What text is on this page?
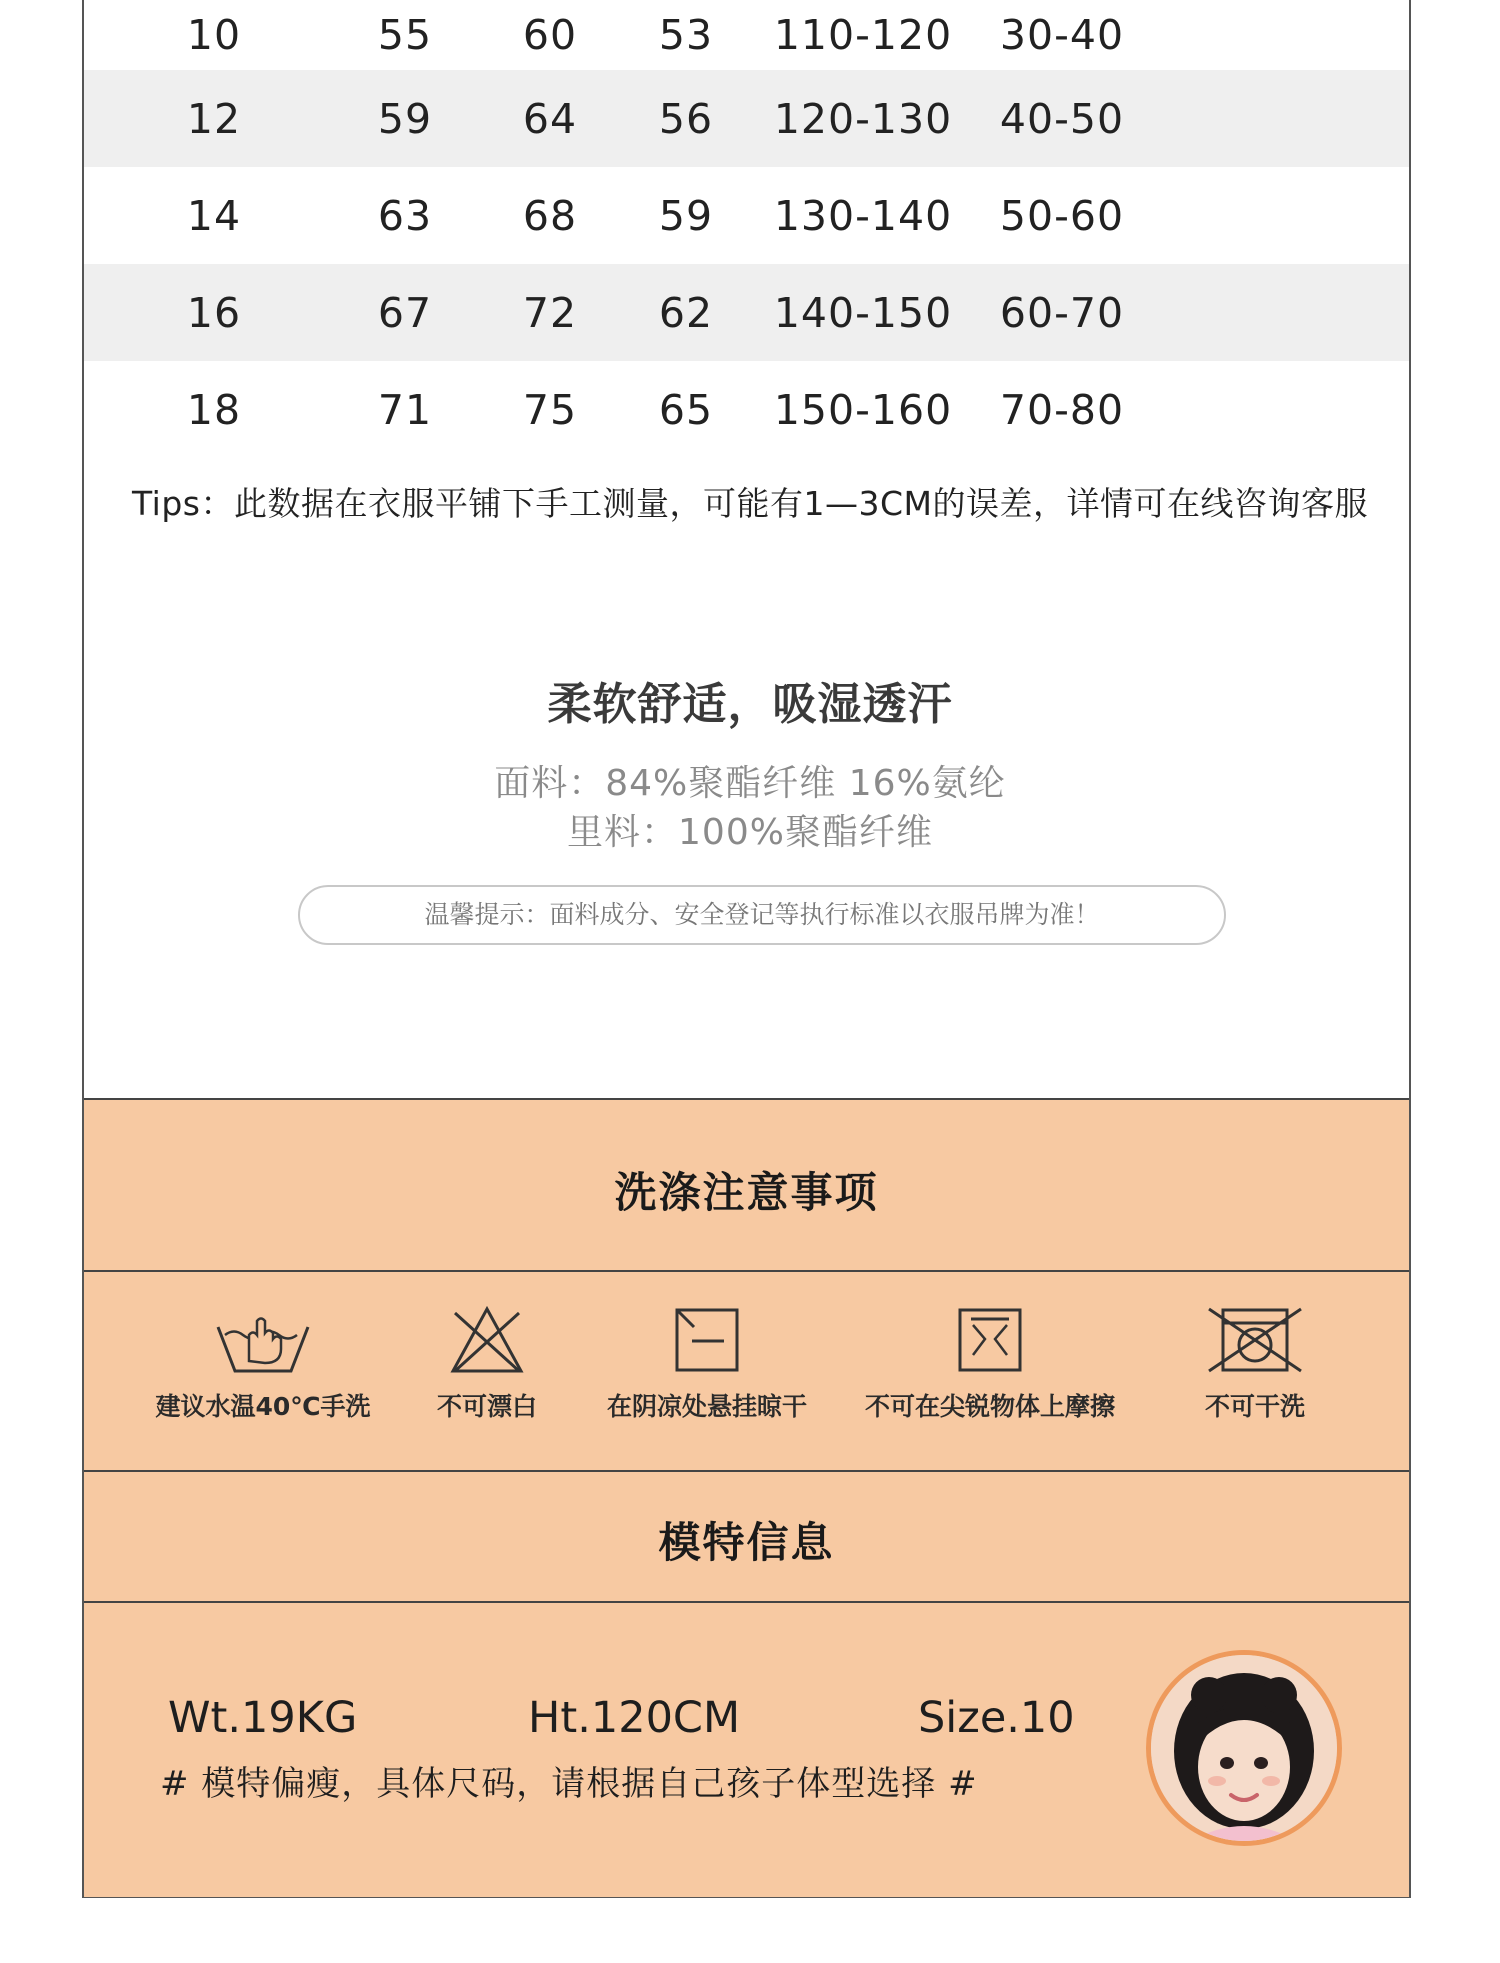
10	55 60 53 110-120 30-40
12	59 64 56 120-130 40-50
14	63 68 59 130-140 50-60
16	67 72 62 140-150 60-70
18	71 75 65 150-160 70-80
Tips：此数据在衣服平铺下手工测量，可能有1—3CM的误差，详情可在线咨询客服
柔软舒适，吸湿透汗
面料：84%聚酯纤维 16%氨纶
里料：100%聚酯纤维
温馨提示：面料成分、安全登记等执行标准以衣服吊牌为准！
洗涤注意事项
建议水温40℃手洗	不可漂白	在阴凉处悬挂晾干	不可在尖锐物体上摩擦	不可干洗
模特信息
Wt.19KG	Ht.120CM	Size.10
# 模特偏瘦，具体尺码，请根据自己孩子体型选择 #
